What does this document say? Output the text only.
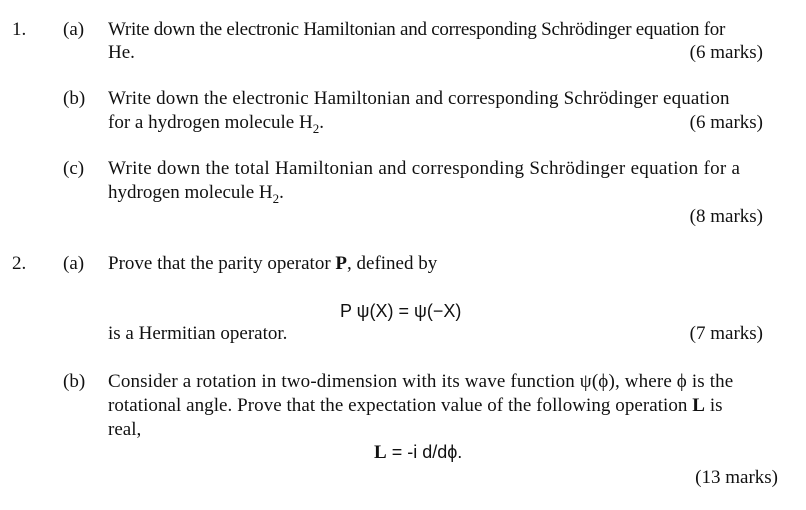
1. (a) Write down the electronic Hamiltonian and corresponding Schrödinger equation for
He.	(6 marks)
(b) Write down the electronic Hamiltonian and corresponding Schrödinger equation
for a hydrogen molecule $H_2$.	(6 marks)
(c) Write down the total Hamiltonian and corresponding Schrödinger equation for a
hydrogen molecule $H_2$.
(8 marks)
2. (a) Prove that the parity operator P, defined by
P ψ(X) = ψ(−X)
is a Hermitian operator.	(7 marks)
(b) Consider a rotation in two-dimension with its wave function ψ(ϕ), where ϕ is the
rotational angle. Prove that the expectation value of the following operation L is
real,
L = -i d/dϕ.
(13 marks)
